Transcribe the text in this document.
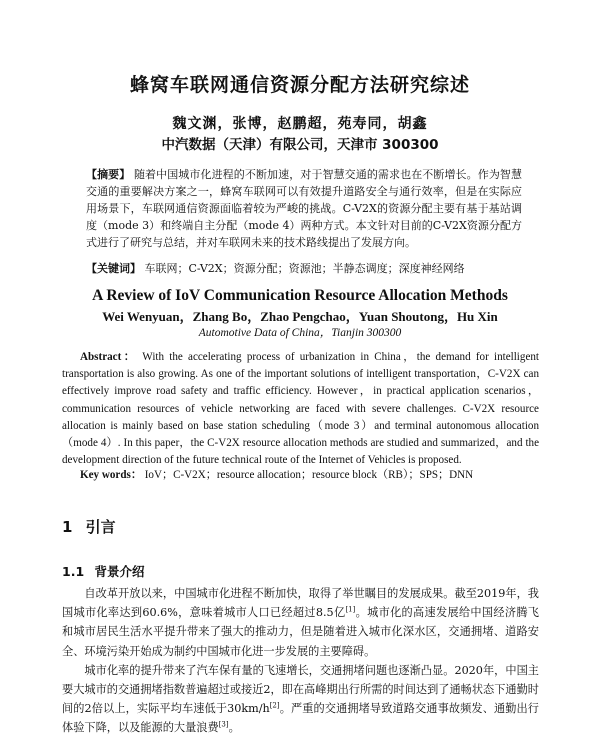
蜂窝车联网通信资源分配方法研究综述
魏文渊，张博，赵鹏超，苑寿同，胡鑫
中汽数据（天津）有限公司，天津市 300300
【摘要】 随着中国城市化进程的不断加速，对于智慧交通的需求也在不断增长。作为智慧交通的重要解决方案之一，蜂窝车联网可以有效提升道路安全与通行效率，但是在实际应用场景下，车联网通信资源面临着较为严峻的挑战。C-V2X的资源分配主要有基于基站调度（mode 3）和终端自主分配（mode 4）两种方式。本文针对目前的C-V2X资源分配方式进行了研究与总结，并对车联网未来的技术路线提出了发展方向。
【关键词】 车联网；C-V2X；资源分配；资源池；半静态调度；深度神经网络
A Review of IoV Communication Resource Allocation Methods
Wei Wenyuan，Zhang Bo，Zhao Pengchao，Yuan Shoutong，Hu Xin
Automotive Data of China，Tianjin 300300
Abstract： With the accelerating process of urbanization in China，the demand for intelligent transportation is also growing. As one of the important solutions of intelligent transportation，C-V2X can effectively improve road safety and traffic efficiency. However，in practical application scenarios，communication resources of vehicle networking are faced with severe challenges. C-V2X resource allocation is mainly based on base station scheduling（mode 3）and terminal autonomous allocation（mode 4）. In this paper，the C-V2X resource allocation methods are studied and summarized，and the development direction of the future technical route of the Internet of Vehicles is proposed.
Key words： IoV；C-V2X；resource allocation；resource block（RB）；SPS；DNN
1 引言
1.1 背景介绍

自改革开放以来，中国城市化进程不断加快，取得了举世瞩目的发展成果。截至2019年，我国城市化率达到60.6%，意味着城市人口已经超过8.5亿[1]。城市化的高速发展给中国经济腾飞和城市居民生活水平提升带来了强大的推动力，但是随着进入城市化深水区，交通拥堵、道路安全、环境污染开始成为制约中国城市化进一步发展的主要障碍。

城市化率的提升带来了汽车保有量的飞速增长，交通拥堵问题也逐渐凸显。2020年，中国主要大城市的交通拥堵指数普遍超过或接近2，即在高峰期出行所需的时间达到了通畅状态下通勤时间的2倍以上，实际平均车速低于30km/h[2]。严重的交通拥堵导致道路交通事故频发、通勤出行体验下降，以及能源的大量浪费[3]。
